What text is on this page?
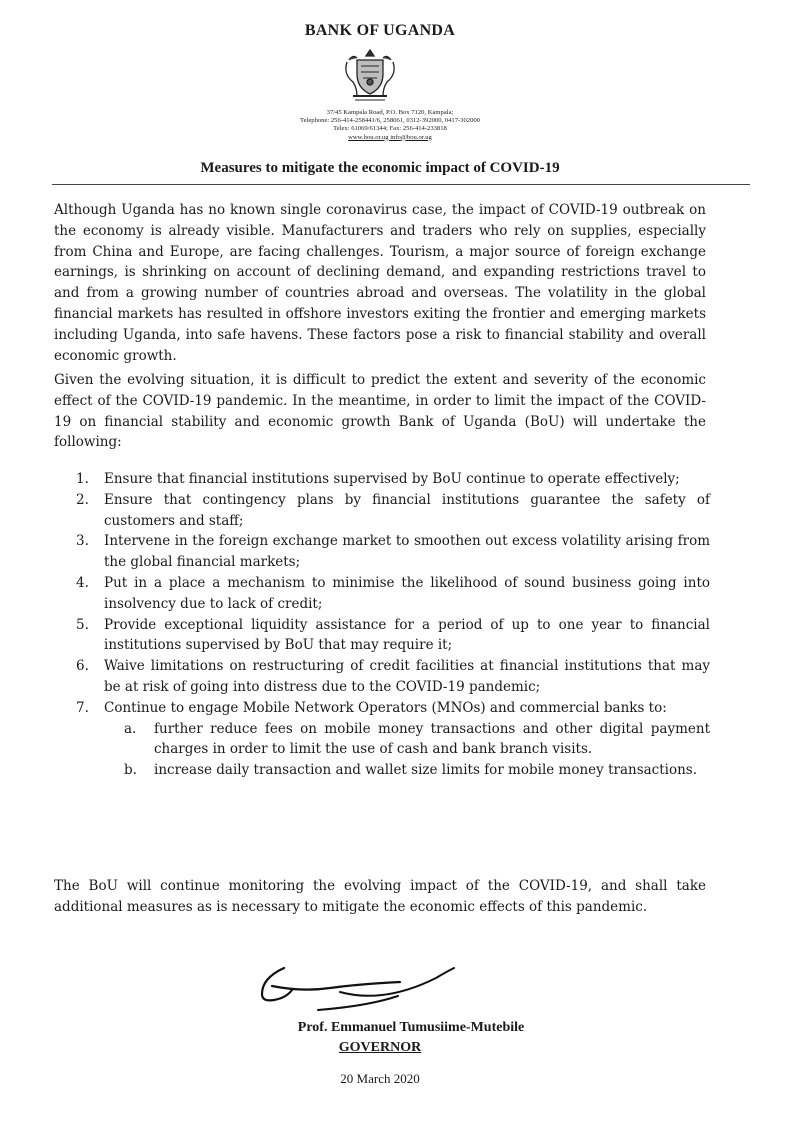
BANK OF UGANDA
37/45 Kampala Road, P.O. Box 7120, Kampala;
Telephone: 256-414-258441/6, 258061, 0312-392000, 0417-302000
Telex: 61069/61344; Fax: 256-414-233818
www.bou.or.ug info@bou.or.ug
Measures to mitigate the economic impact of COVID-19
Although Uganda has no known single coronavirus case, the impact of COVID-19 outbreak on the economy is already visible. Manufacturers and traders who rely on supplies, especially from China and Europe, are facing challenges. Tourism, a major source of foreign exchange earnings, is shrinking on account of declining demand, and expanding restrictions travel to and from a growing number of countries abroad and overseas. The volatility in the global financial markets has resulted in offshore investors exiting the frontier and emerging markets including Uganda, into safe havens. These factors pose a risk to financial stability and overall economic growth.
Given the evolving situation, it is difficult to predict the extent and severity of the economic effect of the COVID-19 pandemic. In the meantime, in order to limit the impact of the COVID-19 on financial stability and economic growth Bank of Uganda (BoU) will undertake the following:
1. Ensure that financial institutions supervised by BoU continue to operate effectively;
2. Ensure that contingency plans by financial institutions guarantee the safety of customers and staff;
3. Intervene in the foreign exchange market to smoothen out excess volatility arising from the global financial markets;
4. Put in a place a mechanism to minimise the likelihood of sound business going into insolvency due to lack of credit;
5. Provide exceptional liquidity assistance for a period of up to one year to financial institutions supervised by BoU that may require it;
6. Waive limitations on restructuring of credit facilities at financial institutions that may be at risk of going into distress due to the COVID-19 pandemic;
7. Continue to engage Mobile Network Operators (MNOs) and commercial banks to:
a. further reduce fees on mobile money transactions and other digital payment charges in order to limit the use of cash and bank branch visits.
b. increase daily transaction and wallet size limits for mobile money transactions.
The BoU will continue monitoring the evolving impact of the COVID-19, and shall take additional measures as is necessary to mitigate the economic effects of this pandemic.
Prof. Emmanuel Tumusiime-Mutebile
GOVERNOR
20 March 2020
